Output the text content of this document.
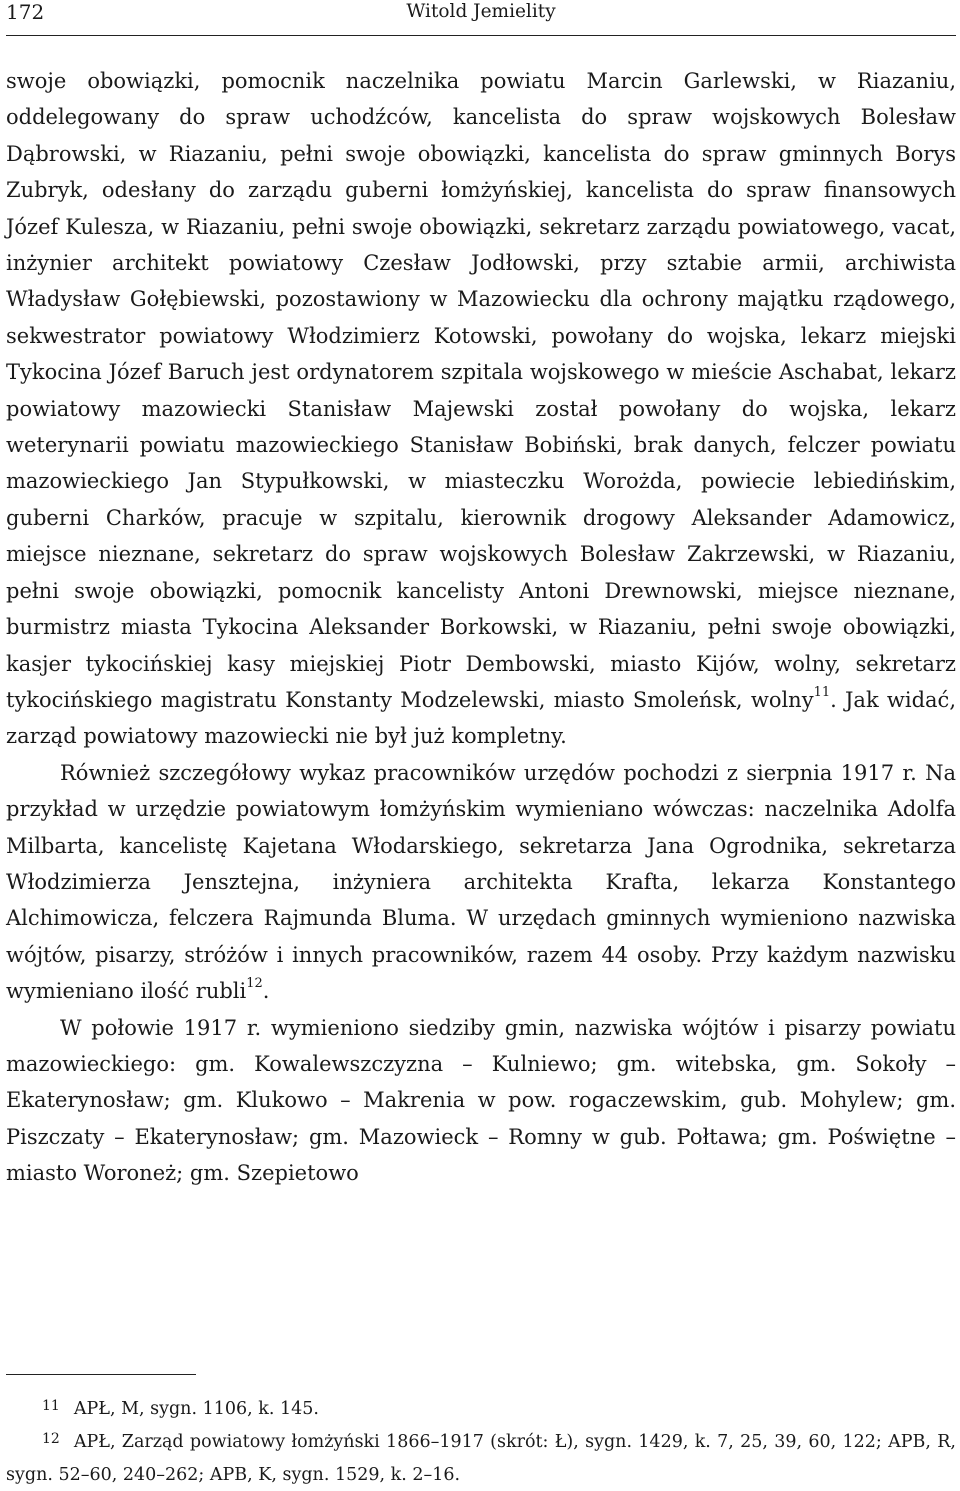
172	Witold Jemielity

swoje obowiązki, pomocnik naczelnika powiatu Marcin Garlewski, w Riazaniu, oddelegowany do spraw uchodźców, kancelista do spraw wojskowych Bolesław Dąbrowski, w Riazaniu, pełni swoje obowiązki, kancelista do spraw gminnych Borys Zubryk, odesłany do zarządu guberni łomżyńskiej, kancelista do spraw finansowych Józef Kulesza, w Riazaniu, pełni swoje obowiązki, sekretarz zarządu powiatowego, vacat, inżynier architekt powiatowy Czesław Jodłowski, przy sztabie armii, archiwista Władysław Gołębiewski, pozostawiony w Mazowiecku dla ochrony majątku rządowego, sekwestrator powiatowy Włodzimierz Kotowski, powołany do wojska, lekarz miejski Tykocina Józef Baruch jest ordynatorem szpitala wojskowego w mieście Aschabat, lekarz powiatowy mazowiecki Stanisław Majewski został powołany do wojska, lekarz weterynarii powiatu mazowieckiego Stanisław Bobiński, brak danych, felczer powiatu mazowieckiego Jan Stypułkowski, w miasteczku Worożda, powiecie lebiedińskim, guberni Charków, pracuje w szpitalu, kierownik drogowy Aleksander Adamowicz, miejsce nieznane, sekretarz do spraw wojskowych Bolesław Zakrzewski, w Riazaniu, pełni swoje obowiązki, pomocnik kancelisty Antoni Drewnowski, miejsce nieznane, burmistrz miasta Tykocina Aleksander Borkowski, w Riazaniu, pełni swoje obowiązki, kasjer tykocińskiej kasy miejskiej Piotr Dembowski, miasto Kijów, wolny, sekretarz tykocińskiego magistratu Konstanty Modzelewski, miasto Smoleńsk, wolny$^{11}$. Jak widać, zarząd powiatowy mazowiecki nie był już kompletny.

Również szczegółowy wykaz pracowników urzędów pochodzi z sierpnia 1917 r. Na przykład w urzędzie powiatowym łomżyńskim wymieniano wówczas: naczelnika Adolfa Milbarta, kancelistę Kajetana Włodarskiego, sekretarza Jana Ogrodnika, sekretarza Włodzimierza Jensztejna, inżyniera architekta Krafta, lekarza Konstantego Alchimowicza, felczera Rajmunda Bluma. W urzędach gminnych wymieniono nazwiska wójtów, pisarzy, stróżów i innych pracowników, razem 44 osoby. Przy każdym nazwisku wymieniano ilość rubli$^{12}$.

W połowie 1917 r. wymieniono siedziby gmin, nazwiska wójtów i pisarzy powiatu mazowieckiego: gm. Kowalewszczyzna – Kulniewo; gm. witebska, gm. Sokoły – Ekaterynosław; gm. Klukowo – Makrenia w pow. rogaczewskim, gub. Mohylew; gm. Piszczaty – Ekaterynosław; gm. Mazowieck – Romny w gub. Połtawa; gm. Poświętne – miasto Woroneż; gm. Szepietowo

$^{11}$ APŁ, M, sygn. 1106, k. 145.

$^{12}$ APŁ, Zarząd powiatowy łomżyński 1866–1917 (skrót: Ł), sygn. 1429, k. 7, 25, 39, 60, 122; APB, R, sygn. 52–60, 240–262; APB, K, sygn. 1529, k. 2–16.
